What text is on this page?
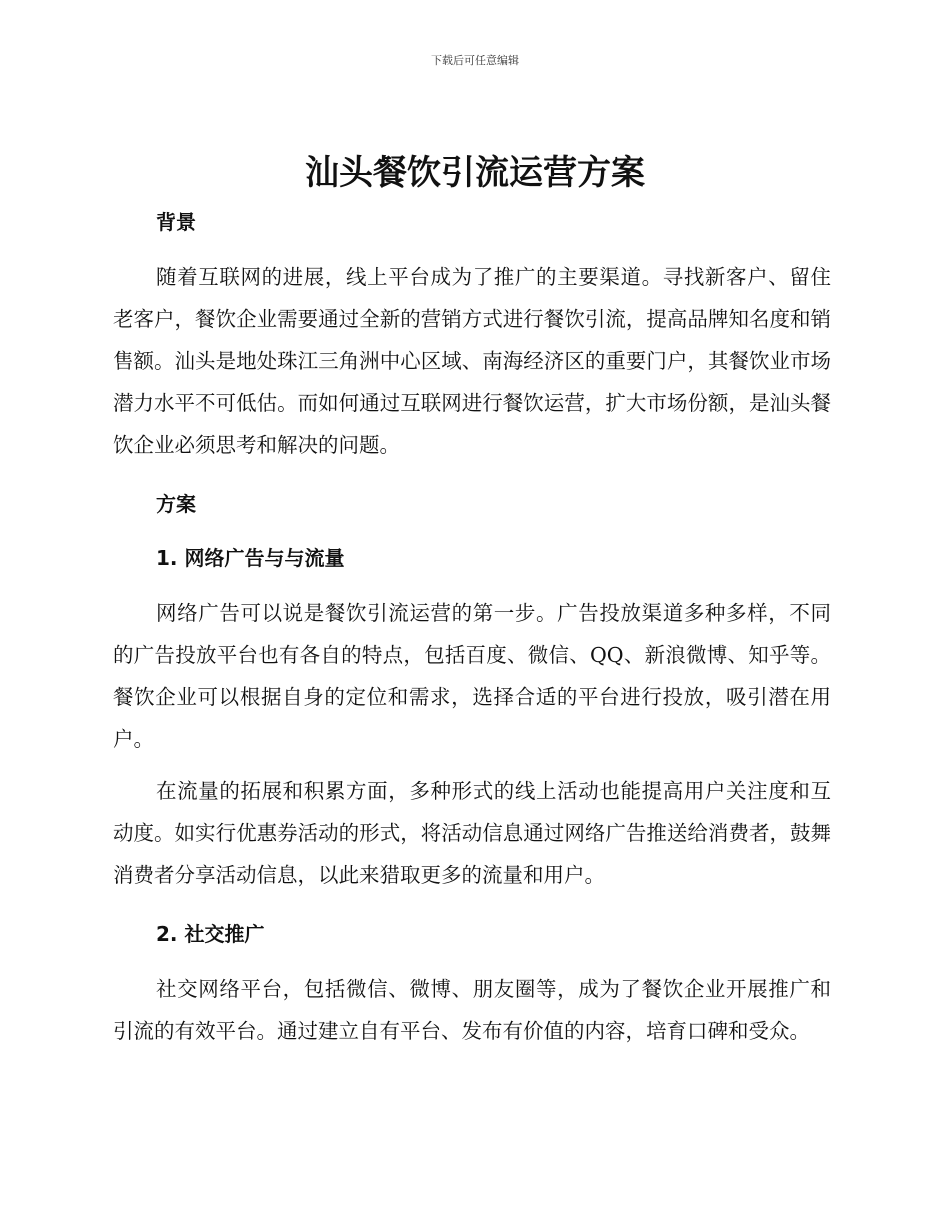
下载后可任意编辑
汕头餐饮引流运营方案
背景

随着互联网的进展，线上平台成为了推广的主要渠道。寻找新客户、留住老客户，餐饮企业需要通过全新的营销方式进行餐饮引流，提高品牌知名度和销售额。汕头是地处珠江三角洲中心区域、南海经济区的重要门户，其餐饮业市场潜力水平不可低估。而如何通过互联网进行餐饮运营，扩大市场份额，是汕头餐饮企业必须思考和解决的问题。

方案
1. 网络广告与与流量

网络广告可以说是餐饮引流运营的第一步。广告投放渠道多种多样，不同的广告投放平台也有各自的特点，包括百度、微信、QQ、新浪微博、知乎等。餐饮企业可以根据自身的定位和需求，选择合适的平台进行投放，吸引潜在用户。

在流量的拓展和积累方面，多种形式的线上活动也能提高用户关注度和互动度。如实行优惠券活动的形式，将活动信息通过网络广告推送给消费者，鼓舞消费者分享活动信息，以此来猎取更多的流量和用户。

2. 社交推广

社交网络平台，包括微信、微博、朋友圈等，成为了餐饮企业开展推广和引流的有效平台。通过建立自有平台、发布有价值的内容，培育口碑和受众。
